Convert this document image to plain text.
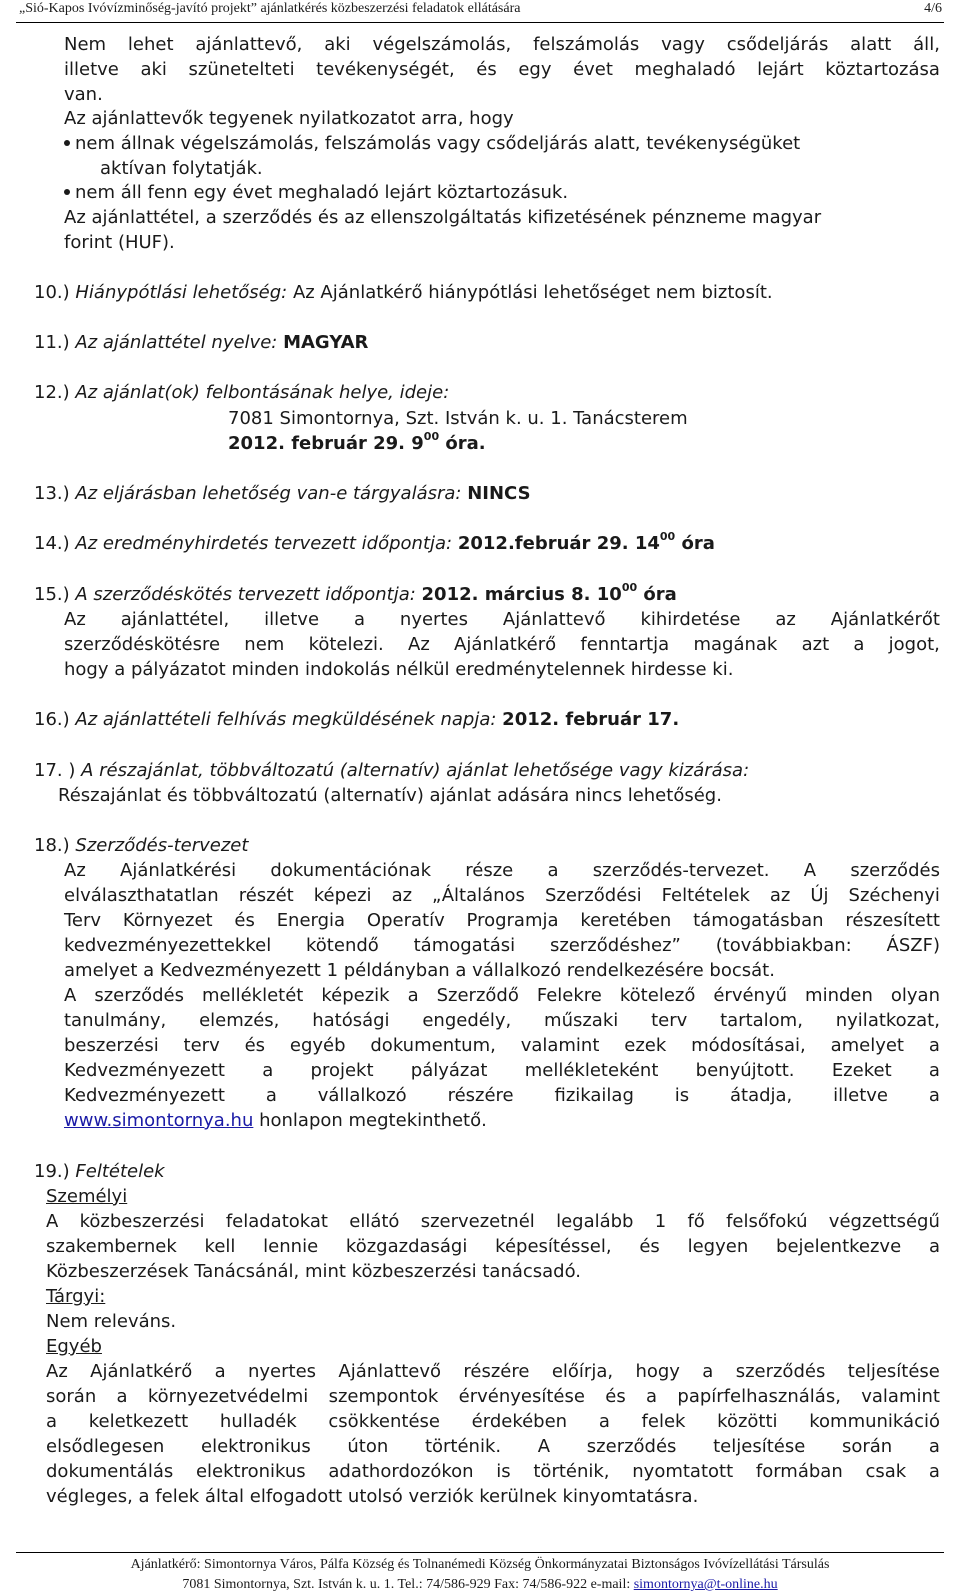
„Sió-Kapos Ivóvízminőség-javító projekt” ajánlatkérés közbeszerzési feladatok ellátására	4/6
Nem lehet ajánlattevő, aki végelszámolás, felszámolás vagy csődeljárás alatt áll,
illetve aki szünetelteti tevékenységét, és egy évet meghaladó lejárt köztartozása
van.
Az ajánlattevők tegyenek nyilatkozatot arra, hogy
nem állnak végelszámolás, felszámolás vagy csődeljárás alatt, tevékenységüket
aktívan folytatják.
nem áll fenn egy évet meghaladó lejárt köztartozásuk.
Az ajánlattétel, a szerződés és az ellenszolgáltatás kifizetésének pénzneme magyar
forint (HUF).
10.) Hiánypótlási lehetőség: Az Ajánlatkérő hiánypótlási lehetőséget nem biztosít.
11.) Az ajánlattétel nyelve: MAGYAR
12.) Az ajánlat(ok) felbontásának helye, ideje:
7081 Simontornya, Szt. István k. u. 1. Tanácsterem
2012. február 29. $9^{00}$ óra.
13.) Az eljárásban lehetőség van-e tárgyalásra: NINCS
14.) Az eredményhirdetés tervezett időpontja: 2012.február 29. $14^{00}$ óra
15.) A szerződéskötés tervezett időpontja: 2012. március 8. $10^{00}$ óra
Az ajánlattétel, illetve a nyertes Ajánlattevő kihirdetése az Ajánlatkérőt
szerződéskötésre nem kötelezi. Az Ajánlatkérő fenntartja magának azt a jogot,
hogy a pályázatot minden indokolás nélkül eredménytelennek hirdesse ki.
16.) Az ajánlattételi felhívás megküldésének napja: 2012. február 17.
17. ) A részajánlat, többváltozatú (alternatív) ajánlat lehetősége vagy kizárása:
Részajánlat és többváltozatú (alternatív) ajánlat adására nincs lehetőség.
18.) Szerződés-tervezet
Az Ajánlatkérési dokumentációnak része a szerződés-tervezet. A szerződés
elválaszthatatlan részét képezi az „Általános Szerződési Feltételek az Új Széchenyi
Terv Környezet és Energia Operatív Programja keretében támogatásban részesített
kedvezményezettekkel kötendő támogatási szerződéshez” (továbbiakban: ÁSZF)
amelyet a Kedvezményezett 1 példányban a vállalkozó rendelkezésére bocsát.
A szerződés mellékletét képezik a Szerződő Felekre kötelező érvényű minden olyan
tanulmány, elemzés, hatósági engedély, műszaki terv tartalom, nyilatkozat,
beszerzési terv és egyéb dokumentum, valamint ezek módosításai, amelyet a
Kedvezményezett a projekt pályázat mellékleteként benyújtott. Ezeket a
Kedvezményezett a vállalkozó részére fizikailag is átadja, illetve a
www.simontornya.hu honlapon megtekinthető.
19.) Feltételek
Személyi
A közbeszerzési feladatokat ellátó szervezetnél legalább 1 fő felsőfokú végzettségű
szakembernek kell lennie közgazdasági képesítéssel, és legyen bejelentkezve a
Közbeszerzések Tanácsánál, mint közbeszerzési tanácsadó.
Tárgyi:
Nem releváns.
Egyéb
Az Ajánlatkérő a nyertes Ajánlattevő részére előírja, hogy a szerződés teljesítése
során a környezetvédelmi szempontok érvényesítése és a papírfelhasználás, valamint
a keletkezett hulladék csökkentése érdekében a felek közötti kommunikáció
elsődlegesen elektronikus úton történik. A szerződés teljesítése során a
dokumentálás elektronikus adathordozókon is történik, nyomtatott formában csak a
végleges, a felek által elfogadott utolsó verziók kerülnek kinyomtatásra.
Ajánlatkérő: Simontornya Város, Pálfa Község és Tolnanémedi Község Önkormányzatai Biztonságos Ivóvízellátási Társulás
7081 Simontornya, Szt. István k. u. 1. Tel.: 74/586-929 Fax: 74/586-922 e-mail: simontornya@t-online.hu
